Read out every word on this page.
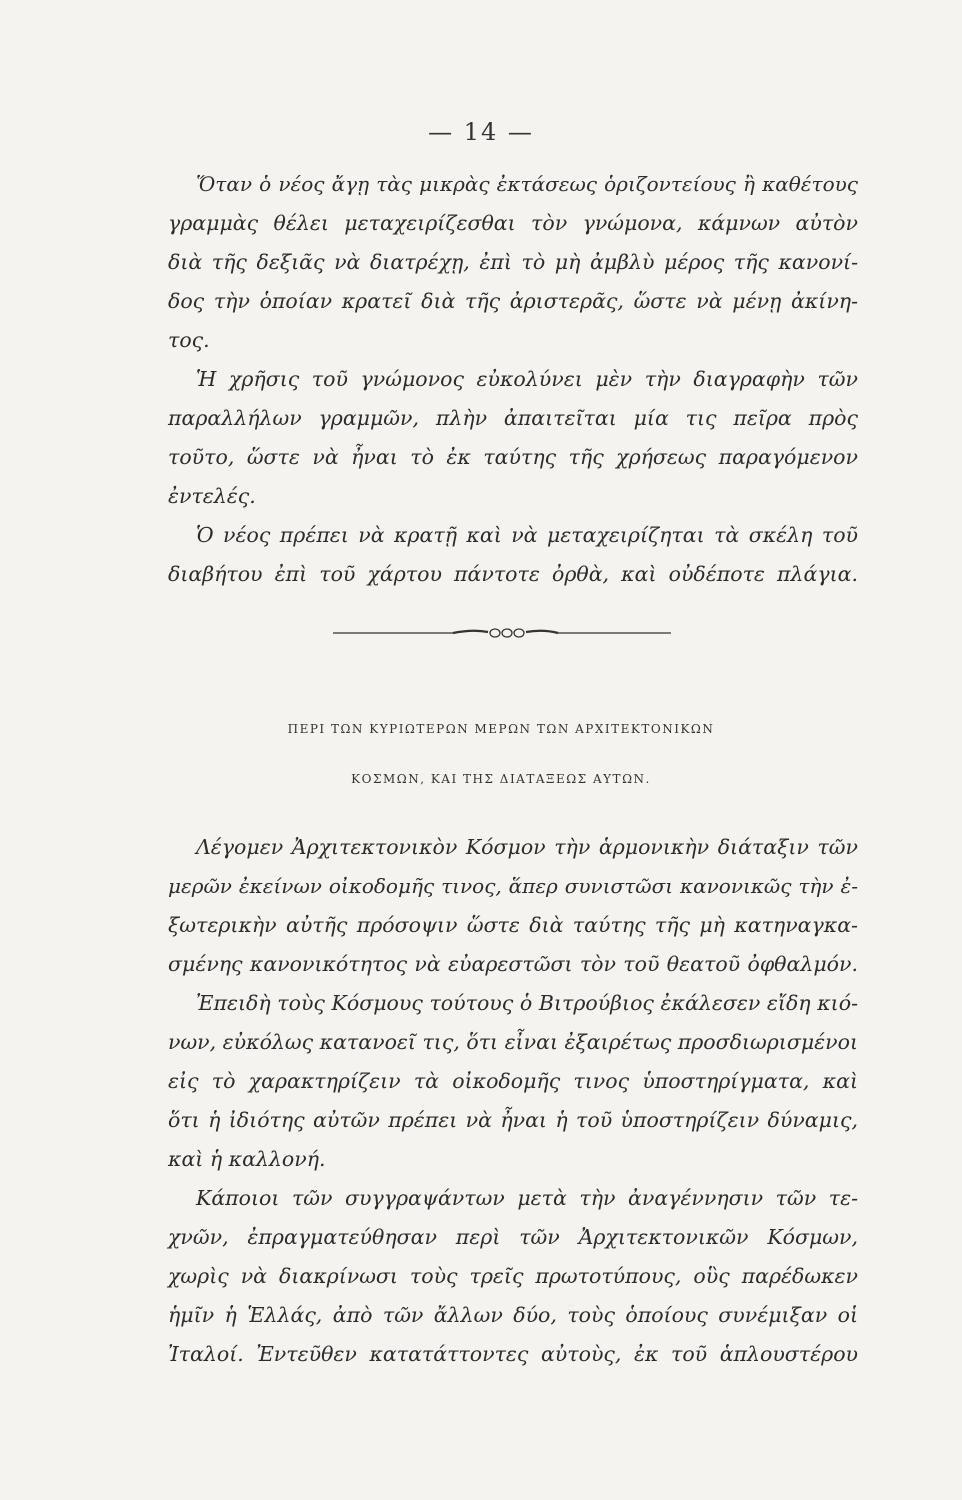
— 14 —
Ὅταν ὁ νέος ἄγῃ τὰς μικρὰς ἐκτάσεως ὁριζοντείους ἢ καθέτους
γραμμὰς θέλει μεταχειρίζεσθαι τὸν γνώμονα, κάμνων αὐτὸν
διὰ τῆς δεξιᾶς νὰ διατρέχῃ, ἐπὶ τὸ μὴ ἀμβλὺ μέρος τῆς κανονί-
δος τὴν ὁποίαν κρατεῖ διὰ τῆς ἀριστερᾶς, ὥστε νὰ μένῃ ἀκίνη-
τος.
Ἡ χρῆσις τοῦ γνώμονος εὐκολύνει μὲν τὴν διαγραφὴν τῶν
παραλλήλων γραμμῶν, πλὴν ἀπαιτεῖται μία τις πεῖρα πρὸς
τοῦτο, ὥστε νὰ ἦναι τὸ ἐκ ταύτης τῆς χρήσεως παραγόμενον
ἐντελές.
Ὁ νέος πρέπει νὰ κρατῇ καὶ νὰ μεταχειρίζηται τὰ σκέλη τοῦ
διαβήτου ἐπὶ τοῦ χάρτου πάντοτε ὀρθὰ, καὶ οὐδέποτε πλάγια.
ΠΕΡΙ ΤΩΝ ΚΥΡΙΩΤΕΡΩΝ ΜΕΡΩΝ ΤΩΝ ΑΡΧΙΤΕΚΤΟΝΙΚΩΝ
ΚΟΣΜΩΝ, ΚΑΙ ΤΗΣ ΔΙΑΤΑΞΕΩΣ ΑΥΤΩΝ.
Λέγομεν Ἀρχιτεκτονικὸν Κόσμον τὴν ἁρμονικὴν διάταξιν τῶν
μερῶν ἐκείνων οἰκοδομῆς τινος, ἅπερ συνιστῶσι κανονικῶς τὴν ἐ-
ξωτερικὴν αὐτῆς πρόσοψιν ὥστε διὰ ταύτης τῆς μὴ κατηναγκα-
σμένης κανονικότητος νὰ εὐαρεστῶσι τὸν τοῦ θεατοῦ ὀφθαλμόν.
Ἐπειδὴ τοὺς Κόσμους τούτους ὁ Βιτρούβιος ἐκάλεσεν εἴδη κιό-
νων, εὐκόλως κατανοεῖ τις, ὅτι εἶναι ἐξαιρέτως προσδιωρισμένοι
εἰς τὸ χαρακτηρίζειν τὰ οἰκοδομῆς τινος ὑποστηρίγματα, καὶ
ὅτι ἡ ἰδιότης αὐτῶν πρέπει νὰ ἦναι ἡ τοῦ ὑποστηρίζειν δύναμις,
καὶ ἡ καλλονή.
Κάποιοι τῶν συγγραψάντων μετὰ τὴν ἀναγέννησιν τῶν τε-
χνῶν, ἐπραγματεύθησαν περὶ τῶν Ἀρχιτεκτονικῶν Κόσμων,
χωρὶς νὰ διακρίνωσι τοὺς τρεῖς πρωτοτύπους, οὓς παρέδωκεν
ἡμῖν ἡ Ἑλλάς, ἀπὸ τῶν ἄλλων δύο, τοὺς ὁποίους συνέμιξαν οἱ
Ἰταλοί. Ἐντεῦθεν κατατάττοντες αὐτοὺς, ἐκ τοῦ ἁπλουστέρου
